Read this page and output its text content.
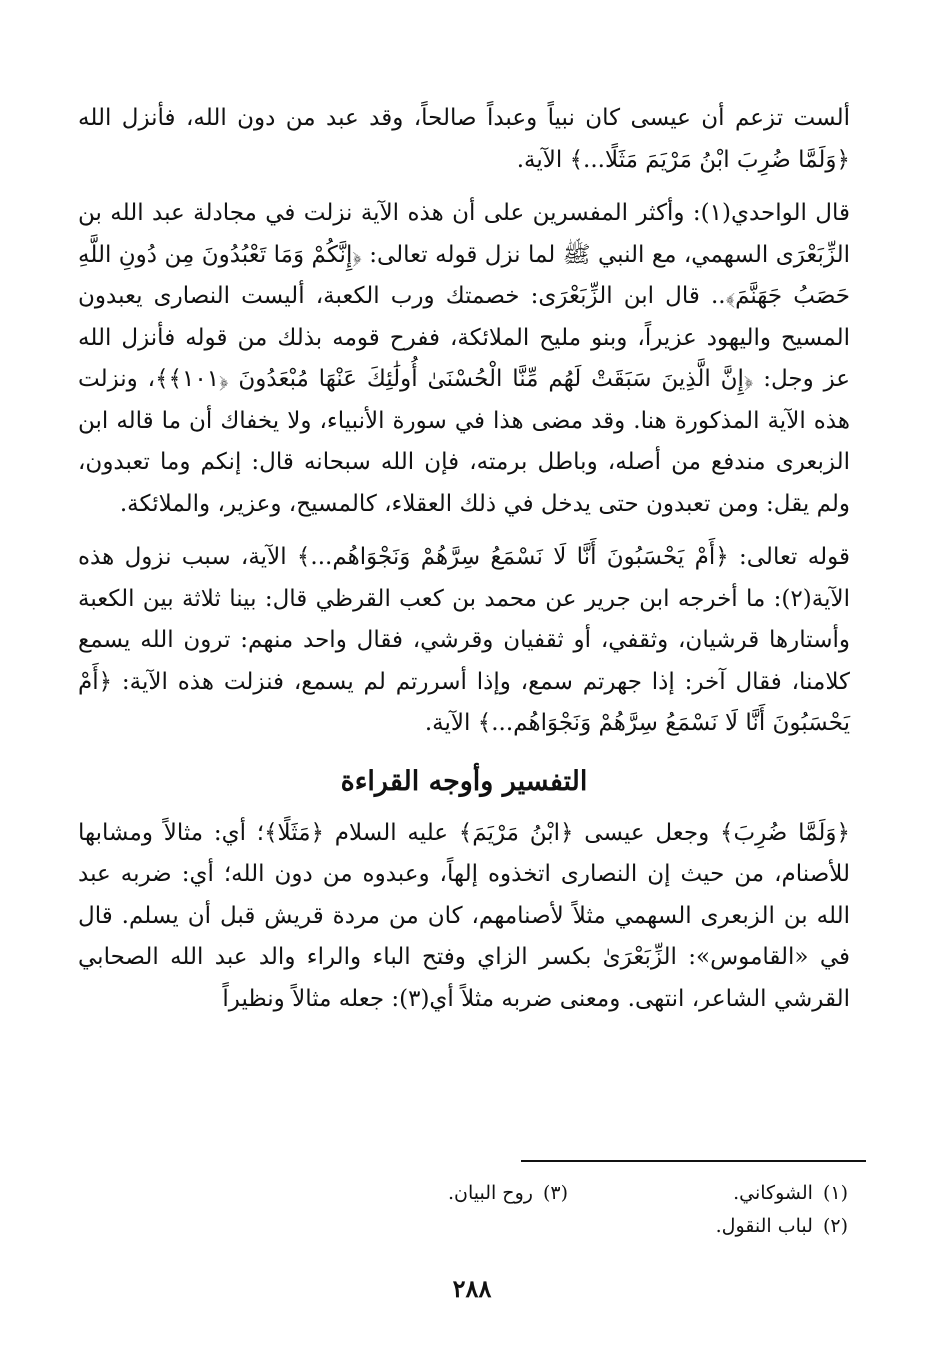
ألست تزعم أن عيسى كان نبياً وعبداً صالحاً، وقد عبد من دون الله، فأنزل الله ﴿وَلَمَّا ضُرِبَ ابْنُ مَرْيَمَ مَثَلًا...﴾ الآية.

قال الواحدي(١): وأكثر المفسرين على أن هذه الآية نزلت في مجادلة عبد الله بن الزِّبَعْرَى السهمي، مع النبي ﷺ لما نزل قوله تعالى: ﴿إِنَّكُمْ وَمَا تَعْبُدُونَ مِن دُونِ اللَّهِ حَصَبُ جَهَنَّمَ﴾.. قال ابن الزِّبَعْرَى: خصمتك ورب الكعبة، أليست النصارى يعبدون المسيح واليهود عزيراً، وبنو مليح الملائكة، ففرح قومه بذلك من قوله فأنزل الله عز وجل: ﴿إِنَّ الَّذِينَ سَبَقَتْ لَهُم مِّنَّا الْحُسْنَىٰ أُولَٰئِكَ عَنْهَا مُبْعَدُونَ ﴿١٠١﴾﴾، ونزلت هذه الآية المذكورة هنا. وقد مضى هذا في سورة الأنبياء، ولا يخفاك أن ما قاله ابن الزبعرى مندفع من أصله، وباطل برمته، فإن الله سبحانه قال: إنكم وما تعبدون، ولم يقل: ومن تعبدون حتى يدخل في ذلك العقلاء، كالمسيح، وعزير، والملائكة.

قوله تعالى: ﴿أَمْ يَحْسَبُونَ أَنَّا لَا نَسْمَعُ سِرَّهُمْ وَنَجْوَاهُم...﴾ الآية، سبب نزول هذه الآية(٢): ما أخرجه ابن جرير عن محمد بن كعب القرظي قال: بينا ثلاثة بين الكعبة وأستارها قرشيان، وثقفي، أو ثقفيان وقرشي، فقال واحد منهم: ترون الله يسمع كلامنا، فقال آخر: إذا جهرتم سمع، وإذا أسررتم لم يسمع، فنزلت هذه الآية: ﴿أَمْ يَحْسَبُونَ أَنَّا لَا نَسْمَعُ سِرَّهُمْ وَنَجْوَاهُم...﴾ الآية.

التفسير وأوجه القراءة

﴿وَلَمَّا ضُرِبَ﴾ وجعل عيسى ﴿ابْنُ مَرْيَمَ﴾ عليه السلام ﴿مَثَلًا﴾؛ أي: مثالاً ومشابها للأصنام، من حيث إن النصارى اتخذوه إلهاً، وعبدوه من دون الله؛ أي: ضربه عبد الله بن الزبعرى السهمي مثلاً لأصنامهم، كان من مردة قريش قبل أن يسلم. قال في «القاموس»: الزِّبَعْرَىٰ بكسر الزاي وفتح الباء والراء والد عبد الله الصحابي القرشي الشاعر، انتهى. ومعنى ضربه مثلاً أي(٣): جعله مثالاً ونظيراً

(١)الشوكاني.
(٣)روح البيان.
(٢)لباب النقول.
٢٨٨
